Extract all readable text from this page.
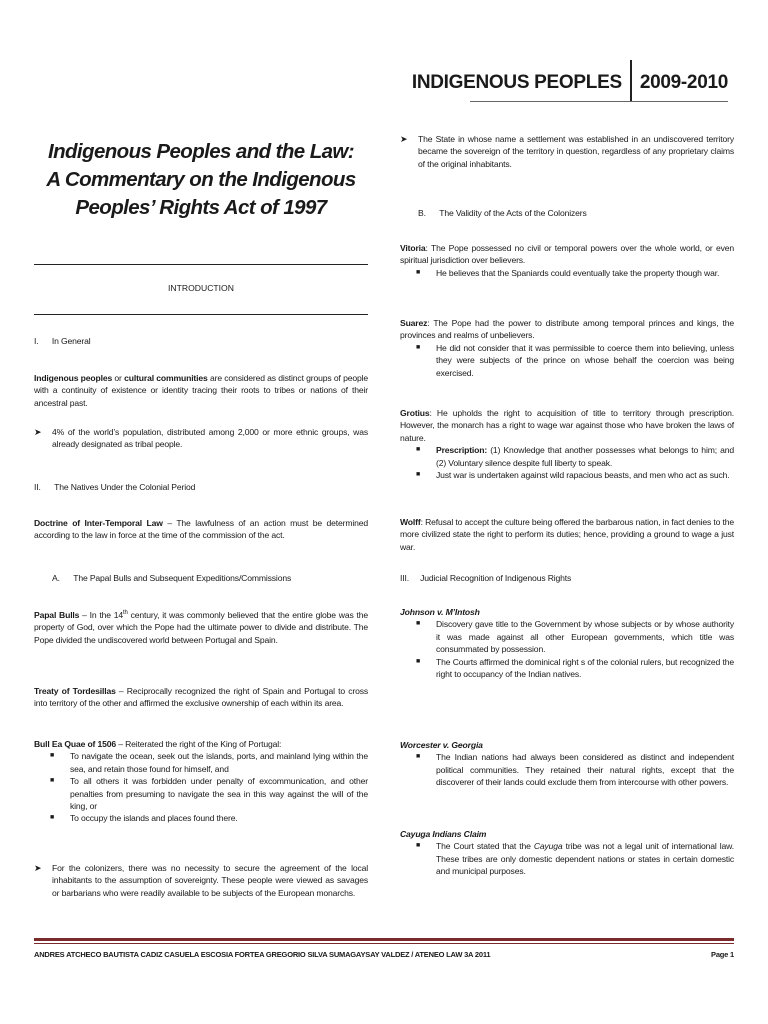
INDIGENOUS PEOPLES 2009-2010
Indigenous Peoples and the Law:
A Commentary on the Indigenous
Peoples’ Rights Act of 1997
INTRODUCTION
I.      In General
Indigenous peoples or cultural communities are considered as distinct groups of people with a continuity of existence or identity tracing their roots to tribes or nations of their ancestral past.
➤	4% of the world’s population, distributed among 2,000 or more ethnic groups, was already designated as tribal people.
II.      The Natives Under the Colonial Period
Doctrine of Inter-Temporal Law – The lawfulness of an action must be determined according to the law in force at the time of the commission of the act.
A.      The Papal Bulls and Subsequent Expeditions/Commissions
Papal Bulls – In the 14th century, it was commonly believed that the entire globe was the property of God, over which the Pope had the ultimate power to divide and distribute. The Pope divided the undiscovered world between Portugal and Spain.
Treaty of Tordesillas – Reciprocally recognized the right of Spain and Portugal to cross into territory of the other and affirmed the exclusive ownership of each within its area.
Bull Ea Quae of 1506 – Reiterated the right of the King of Portugal:
■	To navigate the ocean, seek out the islands, ports, and mainland lying within the sea, and retain those found for himself, and
■	To all others it was forbidden under penalty of excommunication, and other penalties from presuming to navigate the sea in this way against the will of the king, or
■	To occupy the islands and places found there.
➤	For the colonizers, there was no necessity to secure the agreement of the local inhabitants to the assumption of sovereignty. These people were viewed as savages or barbarians who were readily available to be subjects of the European monarchs.
➤	The State in whose name a settlement was established in an undiscovered territory became the sovereign of the territory in question, regardless of any proprietary claims of the original inhabitants.
B.      The Validity of the Acts of the Colonizers
Vitoria: The Pope possessed no civil or temporal powers over the whole world, or even spiritual jurisdiction over believers.
■	He believes that the Spaniards could eventually take the property though war.
Suarez: The Pope had the power to distribute among temporal princes and kings, the provinces and realms of unbelievers.
■	He did not consider that it was permissible to coerce them into believing, unless they were subjects of the prince on whose behalf the coercion was being exercised.
Grotius: He upholds the right to acquisition of title to territory through prescription. However, the monarch has a right to wage war against those who have broken the laws of nature.
■	Prescription: (1) Knowledge that another possesses what belongs to him; and (2) Voluntary silence despite full liberty to speak.
■	Just war is undertaken against wild rapacious beasts, and men who act as such.
Wolff: Refusal to accept the culture being offered the barbarous nation, in fact denies to the more civilized state the right to perform its duties; hence, providing a ground to wage a just war.
III.     Judicial Recognition of Indigenous Rights
Johnson v. M’Intosh
■	Discovery gave title to the Government by whose subjects or by whose authority it was made against all other European governments, which title was consummated by possession.
■	The Courts affirmed the dominical right s of the colonial rulers, but recognized the right to occupancy of the Indian natives.
Worcester v. Georgia
■	The Indian nations had always been considered as distinct and independent political communities. They retained their natural rights, except that the discoverer of their lands could exclude them from intercourse with other powers.
Cayuga Indians Claim
■	The Court stated that the Cayuga tribe was not a legal unit of international law. These tribes are only domestic dependent nations or states in certain domestic and municipal purposes.
ANDRES ATCHECO BAUTISTA CADIZ CASUELA ESCOSIA FORTEA GREGORIO SILVA SUMAGAYSAY VALDEZ / ATENEO LAW 3A 2011	Page 1
